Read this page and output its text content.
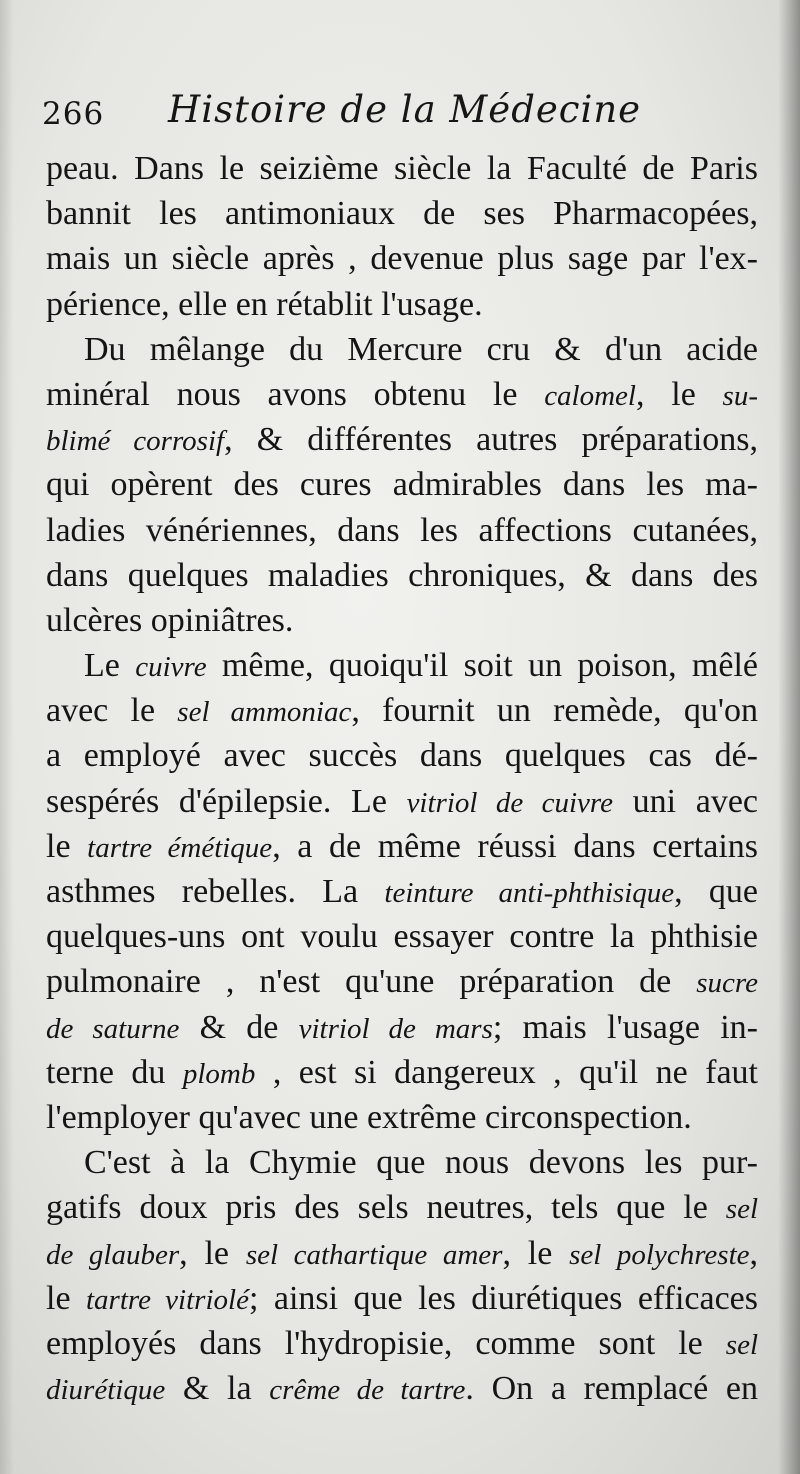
266 Histoire de la Médecine
peau. Dans le seizième siècle la Faculté de Paris
bannit les antimoniaux de ses Pharmacopées,
mais un siècle après , devenue plus sage par l'ex-
périence, elle en rétablit l'usage.
Du mêlange du Mercure cru & d'un acide
minéral nous avons obtenu le calomel, le su-
blimé corrosif, & différentes autres préparations,
qui opèrent des cures admirables dans les ma-
ladies vénériennes, dans les affections cutanées,
dans quelques maladies chroniques, & dans des
ulcères opiniâtres.
Le cuivre même, quoiqu'il soit un poison, mêlé
avec le sel ammoniac, fournit un remède, qu'on
a employé avec succès dans quelques cas dé-
sespérés d'épilepsie. Le vitriol de cuivre uni avec
le tartre émétique, a de même réussi dans certains
asthmes rebelles. La teinture anti-phthisique, que
quelques-uns ont voulu essayer contre la phthisie
pulmonaire , n'est qu'une préparation de sucre
de saturne & de vitriol de mars; mais l'usage in-
terne du plomb , est si dangereux , qu'il ne faut
l'employer qu'avec une extrême circonspection.
C'est à la Chymie que nous devons les pur-
gatifs doux pris des sels neutres, tels que le sel
de glauber, le sel cathartique amer, le sel polychreste,
le tartre vitriolé; ainsi que les diurétiques efficaces
employés dans l'hydropisie, comme sont le sel
diurétique & la crême de tartre. On a remplacé en
